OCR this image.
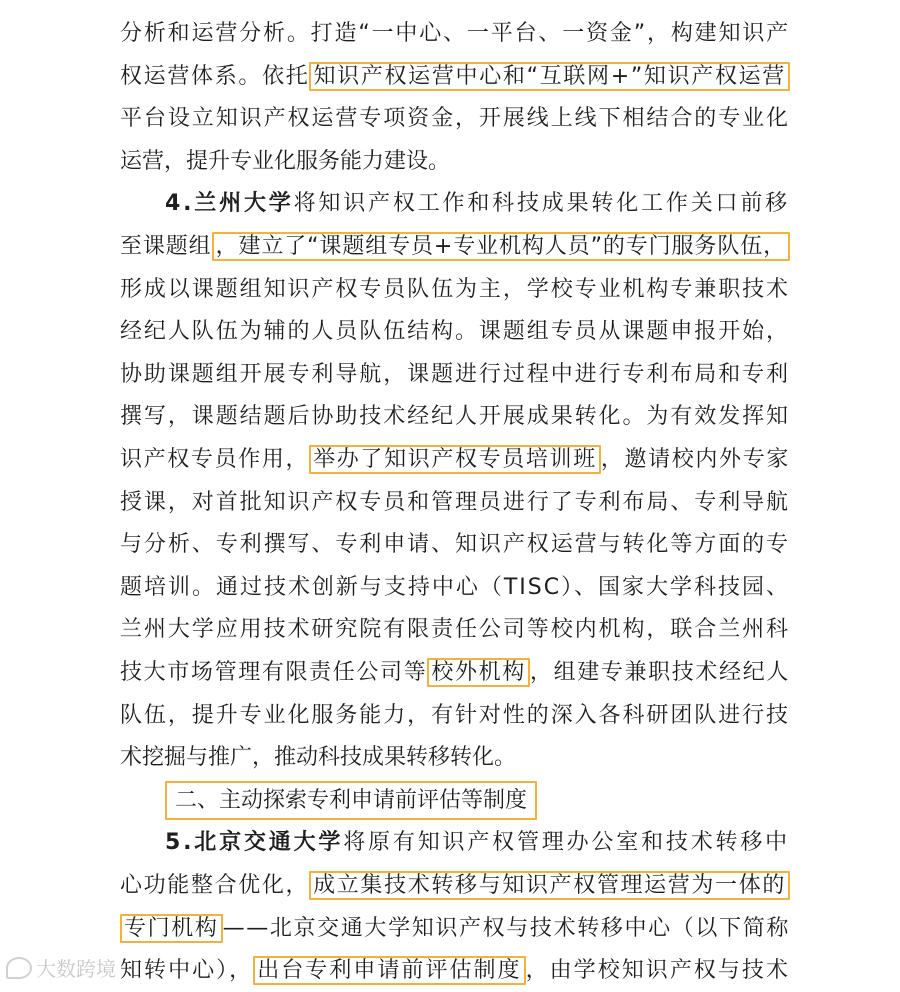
分析和运营分析。打造“一中心、一平台、一资金”，构建知识产
权运营体系。依托 知识产权运营中心和“互联网+”知识产权运营
平台设立知识产权运营专项资金，开展线上线下相结合的专业化
运营，提升专业化服务能力建设。
4.兰州大学将知识产权工作和科技成果转化工作关口前移
至课题组 ，建立了“课题组专员+专业机构人员”的专门服务队伍，
形成以课题组知识产权专员队伍为主，学校专业机构专兼职技术
经纪人队伍为辅的人员队伍结构。课题组专员从课题申报开始，
协助课题组开展专利导航，课题进行过程中进行专利布局和专利
撰写，课题结题后协助技术经纪人开展成果转化。为有效发挥知
识产权专员作用， 举办了知识产权专员培训班 ，邀请校内外专家
授课，对首批知识产权专员和管理员进行了专利布局、专利导航
与分析、专利撰写、专利申请、知识产权运营与转化等方面的专
题培训。通过技术创新与支持中心（TISC）、国家大学科技园、
兰州大学应用技术研究院有限责任公司等校内机构，联合兰州科
技大市场管理有限责任公司等 校外机构 ，组建专兼职技术经纪人
队伍，提升专业化服务能力，有针对性的深入各科研团队进行技
术挖掘与推广，推动科技成果转移转化。
二、主动探索专利申请前评估等制度
5.北京交通大学将原有知识产权管理办公室和技术转移中
心功能整合优化， 成立集技术转移与知识产权管理运营为一体的
专门机构 ——北京交通大学知识产权与技术转移中心（以下简称
知转中心）， 出台专利申请前评估制度 ，由学校知识产权与技术
大数跨境
